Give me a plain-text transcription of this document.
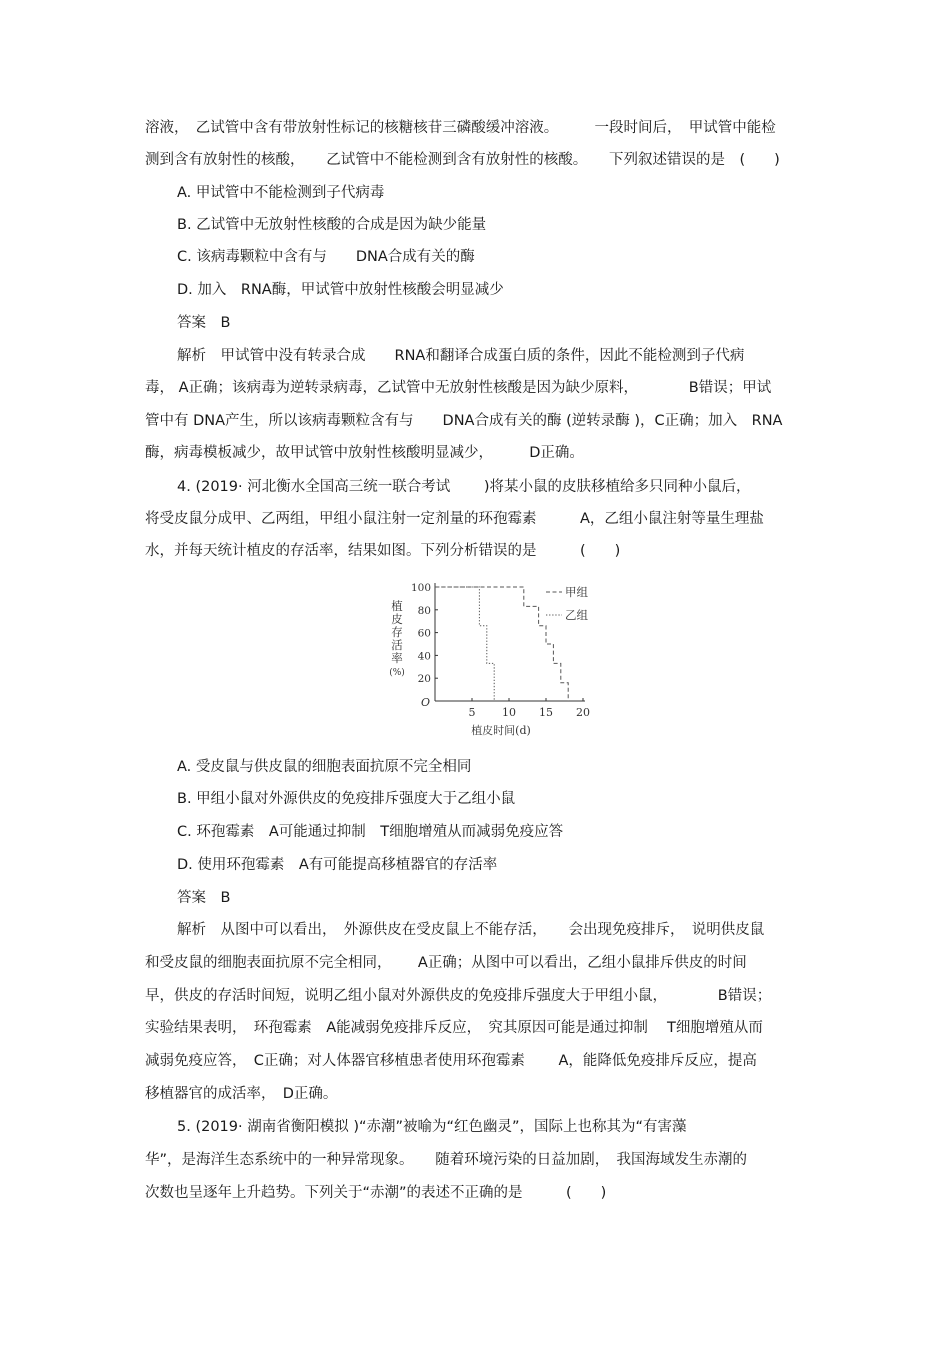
溶液，　乙试管中含有带放射性标记的核糖核苷三磷酸缓冲溶液。　　　一段时间后，　甲试管中能检
测到含有放射性的核酸，　　乙试管中不能检测到含有放射性的核酸。　　下列叙述错误的是　(　　)
A. 甲试管中不能检测到子代病毒
B. 乙试管中无放射性核酸的合成是因为缺少能量
C. 该病毒颗粒中含有与　　DNA合成有关的酶
D. 加入　RNA酶，甲试管中放射性核酸会明显减少
答案　B
解析　甲试管中没有转录合成　　RNA和翻译合成蛋白质的条件，因此不能检测到子代病
毒， A正确；该病毒为逆转录病毒，乙试管中无放射性核酸是因为缺少原料，　　　　B错误；甲试
管中有 DNA产生，所以该病毒颗粒含有与　　DNA合成有关的酶 (逆转录酶 )，C正确；加入　RNA
酶，病毒模板减少，故甲试管中放射性核酸明显减少，　　　D正确。
4. (2019· 河北衡水全国高三统一联合考试　　 )将某小鼠的皮肤移植给多只同种小鼠后，
将受皮鼠分成甲、乙两组，甲组小鼠注射一定剂量的环孢霉素　　　A，乙组小鼠注射等量生理盐
水，并每天统计植皮的存活率，结果如图。下列分析错误的是　　　(　　)
植
皮
存
活
率
(%)
O
5 10 15 20
20
40
60
80
100
植皮时间(d)
甲组
乙组
A. 受皮鼠与供皮鼠的细胞表面抗原不完全相同
B. 甲组小鼠对外源供皮的免疫排斥强度大于乙组小鼠
C. 环孢霉素　A可能通过抑制　T细胞增殖从而减弱免疫应答
D. 使用环孢霉素　A有可能提高移植器官的存活率
答案　B
解析　从图中可以看出，　外源供皮在受皮鼠上不能存活，　　会出现免疫排斥，　说明供皮鼠
和受皮鼠的细胞表面抗原不完全相同，　　 A正确；从图中可以看出，乙组小鼠排斥供皮的时间
早，供皮的存活时间短，说明乙组小鼠对外源供皮的免疫排斥强度大于甲组小鼠，　　　　B错误；
实验结果表明，　环孢霉素　A能减弱免疫排斥反应，　究其原因可能是通过抑制　 T细胞增殖从而
减弱免疫应答，　C正确；对人体器官移植患者使用环孢霉素　　 A，能降低免疫排斥反应，提高
移植器官的成活率，　D正确。
5. (2019· 湖南省衡阳模拟 )“赤潮”被喻为“红色幽灵”，国际上也称其为“有害藻
华”，是海洋生态系统中的一种异常现象。　　随着环境污染的日益加剧，　我国海域发生赤潮的
次数也呈逐年上升趋势。下列关于“赤潮”的表述不正确的是　　　(　　)
